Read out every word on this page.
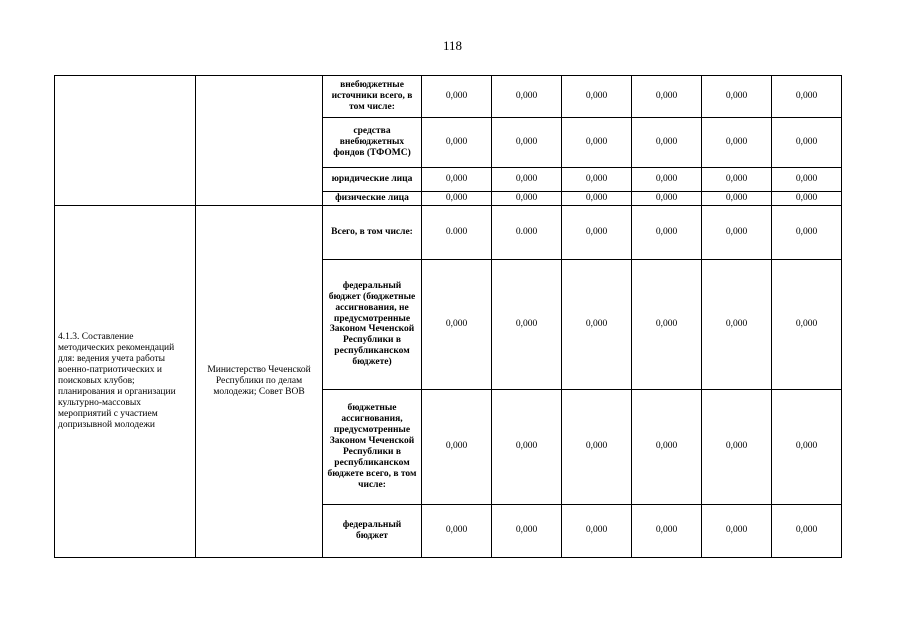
118
		внебюджетные источники всего, в том числе:	0,000	0,000	0,000	0,000	0,000	0,000
		средства внебюджетных фондов (ТФОМС)	0,000	0,000	0,000	0,000	0,000	0,000
		юридические лица	0,000	0,000	0,000	0,000	0,000	0,000
		физические лица	0,000	0,000	0,000	0,000	0,000	0,000
4.1.3. Составление методических рекомендаций для: ведения учета работы военно-патриотических и поисковых клубов; планирования и организации культурно-массовых мероприятий с участием допризывной молодежи	Министерство Чеченской Республики по делам молодежи; Совет ВОВ	Всего, в том числе:	0.000	0.000	0,000	0,000	0,000	0,000
		федеральный бюджет (бюджетные ассигнования, не предусмотренные Законом Чеченской Республики в республиканском бюджете)	0,000	0,000	0,000	0,000	0,000	0,000
		бюджетные ассигнования, предусмотренные Законом Чеченской Республики в республиканском бюджете всего, в том числе:	0,000	0,000	0,000	0,000	0,000	0,000
		федеральный бюджет	0,000	0,000	0,000	0,000	0,000	0,000
